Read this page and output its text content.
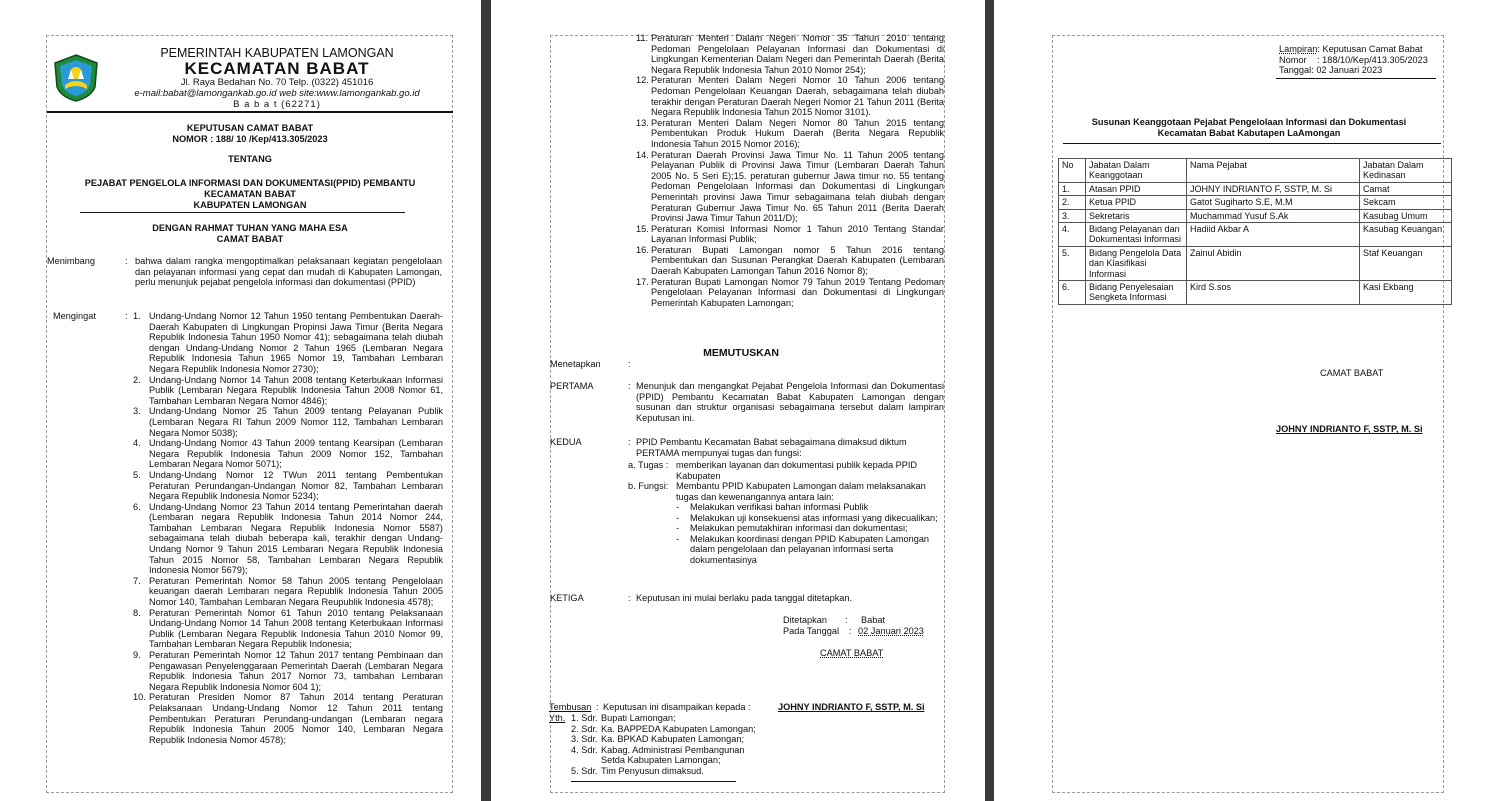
PEMERINTAH KABUPATEN LAMONGAN
KECAMATAN BABAT
Jl. Raya Bedahan No. 70 Telp. (0322) 451016
e-mail:babat@lamongankab.go.id web site:www.lamongankab.go.id
B a b a t (62271)
KEPUTUSAN CAMAT BABAT
NOMOR : 188/ 10 /Kep/413.305/2023
TENTANG
PEJABAT PENGELOLA INFORMASI DAN DOKUMENTASI(PPID) PEMBANTU
KECAMATAN BABAT
KABUPATEN LAMONGAN
DENGAN RAHMAT TUHAN YANG MAHA ESA
CAMAT BABAT
Menimbang	: bahwa dalam rangka mengoptimalkan pelaksanaan kegiatan pengelolaan dan pelayanan informasi yang cepat dan mudah di Kabupaten Lamongan, perlu menunjuk pejabat pengelola informasi dan dokumentasi (PPID)
Mengingat	: 1. Undang-Undang Nomor 12 Tahun 1950 tentang Pembentukan Daerah-Daerah Kabupaten di Lingkungan Propinsi Jawa Timur (Berita Negara Republik Indonesia Tahun 1950 Nomor 41); sebagaimana telah diubah dengan Undang-Undang Nomor 2 Tahun 1965 (Lembaran Negara Republik Indonesia Tahun 1965 Nomor 19, Tambahan Lembaran Negara Republik Indonesia Nomor 2730);
2. Undang-Undang Nomor 14 Tahun 2008 tentang Keterbukaan Informasi Publik (Lembaran Negara Republik Indonesia Tahun 2008 Nomor 61, Tambahan Lembaran Negara Nomor 4846);
3. Undang-Undang Nomor 25 Tahun 2009 tentang Pelayanan Publik (Lembaran Negara RI Tahun 2009 Nomor 112, Tambahan Lembaran Negara Nomor 5038);
4. Undang-Undang Nomor 43 Tahun 2009 tentang Kearsipan (Lembaran Negara Republik Indonesia Tahun 2009 Nomor 152, Tambahan Lembaran Negara Nomor 5071);
5. Undang-Undang Nomor 12 TWun 2011 tentang Pembentukan Peraturan Perundangan-Undangan Nomor 82, Tambahan Lembaran Negara Republik Indonesia Nomor 5234);
6. Undang-Undang Nomor 23 Tahun 2014 tentang Pemerintahan daerah (Lembaran negara Republik Indonesia Tahun 2014 Nomor 244, Tambahan Lembaran Negara Republik Indonesia Nomor 5587) sebagaimana telah diubah beberapa kali, terakhir dengan Undang-Undang Nomor 9 Tahun 2015 Lembaran Negara Republik Indonesia Tahun 2015 Nomor 58, Tambahan Lembaran Negara Republik Indonesia Nomor 5679);
7. Peraturan Pemerintah Nomor 58 Tahun 2005 tentang Pengelolaan keuangan daerah Lembaran negara Republik Indonesia Tahun 2005 Nomor 140, Tambahan Lembaran Negara Reupublik Indonesia 4578);
8. Peraturan Pemerintah Nomor 61 Tahun 2010 tentang Pelaksanaan Undang-Undang Nomor 14 Tahun 2008 tentang Keterbukaan Informasi Publik (Lembaran Negara Republik Indonesia Tahun 2010 Nomor 99, Tambahan Lembaran Negara Republik Indonesia;
9. Peraturan Pemerintah Nomor 12 Tahun 2017 tentang Pembinaan dan Pengawasan Penyelenggaraan Pemerintah Daerah (Lembaran Negara Republik Indonesia Tahun 2017 Nomor 73, tambahan Lembaran Negara Republik Indonesia Nomor 604 1);
10. Peraturan Presiden Nomor 87 Tahun 2014 tentang Peraturan Pelaksanaan Undang-Undang Nomor 12 Tahun 2011 tentang Pembentukan Peraturan Perundang-undangan (Lembaran negara Republik Indonesia Tahun 2005 Nomor 140, Lembaran Negara Republik Indonesia Nomor 4578);
11. Peraturan Menteri Dalam Negeri Nomor 35 Tahun 2010 tentang Pedoman Pengelolaan Pelayanan Informasi dan Dokumentasi di Lingkungan Kementerian Dalam Negeri dan Pemerintah Daerah (Berita Negara Republik Indonesia Tahun 2010 Nomor 254);
12. Peraturan Menteri Dalam Negeri Nomor 10 Tahun 2006 tentang Pedoman Pengelolaan Keuangan Daerah, sebagaimana telah diubah terakhir dengan Peraturan Daerah Negeri Nomor 21 Tahun 2011 (Berita Negara Republik Indonesia Tahun 2015 Nomor 3101).
13. Peraturan Menteri Dalam Negeri Nomor 80 Tahun 2015 tentang Pembentukan Produk Hukum Daerah (Berita Negara Republik Indonesia Tahun 2015 Nomor 2016);
14. Peraturan Daerah Provinsi Jawa Timur No. 11 Tahun 2005 tentang Pelayanan Publik di Provinsi Jawa Timur (Lembaran Daerah Tahun 2005 No. 5 Seri E);15. peraturan gubernur Jawa timur no. 55 tentang Pedoman Pengelolaan Informasi dan Dokumentasi di Lingkungan Pemerintah provinsi Jawa Timur sebagaimana telah diubah dengan Peraturan Gubernur Jawa Timur No. 65 Tahun 2011 (Berita Daerah Provinsi Jawa Timur Tahun 2011/D);
15. Peraturan Komisi Informasi Nomor 1 Tahun 2010 Tentang Standar Layanan Informasi Publik;
16. Peraturan Bupati Lamongan nomor 5 Tahun 2016 tentang Pembentukan dan Susunan Perangkat Daerah Kabupaten (Lembaran Daerah Kabupaten Lamongan Tahun 2016 Nomor 8);
17. Peraturan Bupati Lamongan Nomor 79 Tahun 2019 Tentang Pedoman Pengelolaan Pelayanan Informasi dan Dokumentasi di Lingkungan Pemerintah Kabupaten Lamongan;
MEMUTUSKAN
Menetapkan	:
PERTAMA	: Menunjuk dan mengangkat Pejabat Pengelola Informasi dan Dokumentasi (PPID) Pembantu Kecamatan Babat Kabupaten Lamongan dengan susunan dan struktur organisasi sebagaimana tersebut dalam lampiran Keputusan ini.
KEDUA	: PPID Pembantu Kecamatan Babat sebagaimana dimaksud diktum PERTAMA mempunyai tugas dan fungsi:
a. Tugas : memberikan layanan dan dokumentasi publik kepada PPID Kabupaten
b. Fungsi: Membantu PPID Kabupaten Lamongan dalam melaksanakan tugas dan kewenangannya antara lain:
- Melakukan verifikasi bahan informasi Publik
- Melakukan uji konsekuensi atas informasi yang dikecualikan;
- Melakukan pemutakhiran informasi dan dokumentasi;
- Melakukan koordinasi dengan PPID Kabupaten Lamongan dalam pengelolaan dan pelayanan informasi serta dokumentasinya
KETIGA	: Keputusan ini mulai berlaku pada tanggal ditetapkan.
Ditetapkan : Babat
Pada Tanggal : 02 Januari 2023
CAMAT BABAT
JOHNY INDRIANTO F, SSTP, M. Si
Tembusan :
Yth.
Keputusan ini disampaikan kepada :
1. Sdr. Bupati Lamongan;
2. Sdr. Ka. BAPPEDA Kabupaten Lamongan;
3. Sdr. Ka. BPKAD Kabupaten Lamongan;
4. Sdr. Kabag. Administrasi Pembangunan Setda Kabupaten Lamongan;
5. Sdr. Tim Penyusun dimaksud.
Lampiran: Keputusan Camat Babat
Nomor : 188/10/Kep/413.305/2023
Tanggal: 02 Januari 2023
Susunan Keanggotaan Pejabat Pengelolaan Informasi dan Dokumentasi
Kecamatan Babat Kabutapen LaAmongan
No	Jabatan Dalam Keanggotaan	Nama Pejabat	Jabatan Dalam Kedinasan
1.	Atasan PPID	JOHNY INDRIANTO F, SSTP, M. Si	Camat
2.	Ketua PPID	Gatot Sugiharto S.E, M.M	Sekcam
3.	Sekretaris	Muchammad Yusuf S.Ak	Kasubag Umum
4.	Bidang Pelayanan dan Dokumentasi Informasi	Hadiid Akbar A	Kasubag Keuangan
5.	Bidang Pengelola Data dan Klasifikasi Informasi	Zainul Abidin	Staf Keuangan
6.	Bidang Penyelesaian Sengketa Informasi	Kird S.sos	Kasi Ekbang
CAMAT BABAT
JOHNY INDRIANTO F, SSTP, M. Si
